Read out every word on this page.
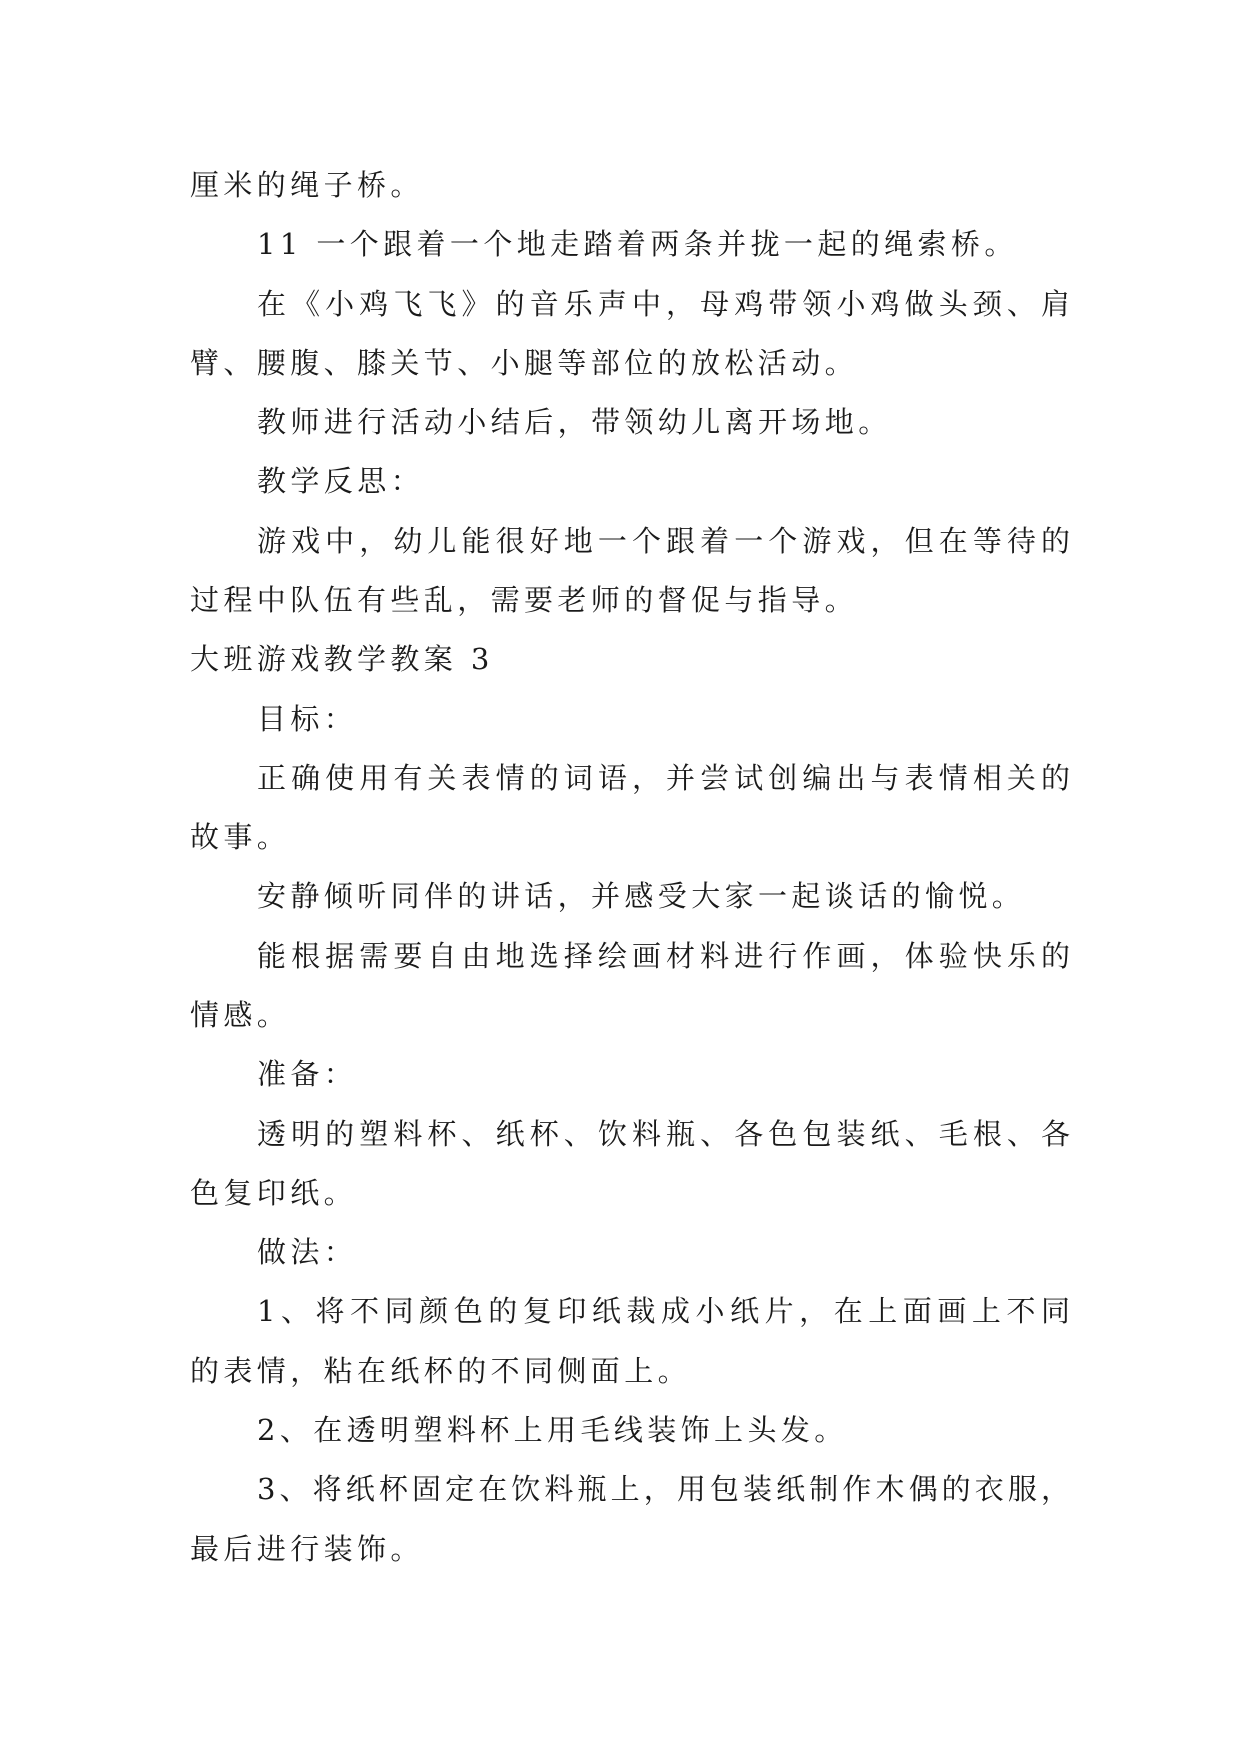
厘米的绳子桥。
11 一个跟着一个地走踏着两条并拢一起的绳索桥。
在《小鸡飞飞》的音乐声中，母鸡带领小鸡做头颈、肩
臂、腰腹、膝关节、小腿等部位的放松活动。
教师进行活动小结后，带领幼儿离开场地。
教学反思：
游戏中，幼儿能很好地一个跟着一个游戏，但在等待的
过程中队伍有些乱，需要老师的督促与指导。
大班游戏教学教案 3
目标：
正确使用有关表情的词语，并尝试创编出与表情相关的
故事。
安静倾听同伴的讲话，并感受大家一起谈话的愉悦。
能根据需要自由地选择绘画材料进行作画，体验快乐的
情感。
准备：
透明的塑料杯、纸杯、饮料瓶、各色包装纸、毛根、各
色复印纸。
做法：
1、将不同颜色的复印纸裁成小纸片，在上面画上不同
的表情，粘在纸杯的不同侧面上。
2、在透明塑料杯上用毛线装饰上头发。
3、将纸杯固定在饮料瓶上，用包装纸制作木偶的衣服，
最后进行装饰。
